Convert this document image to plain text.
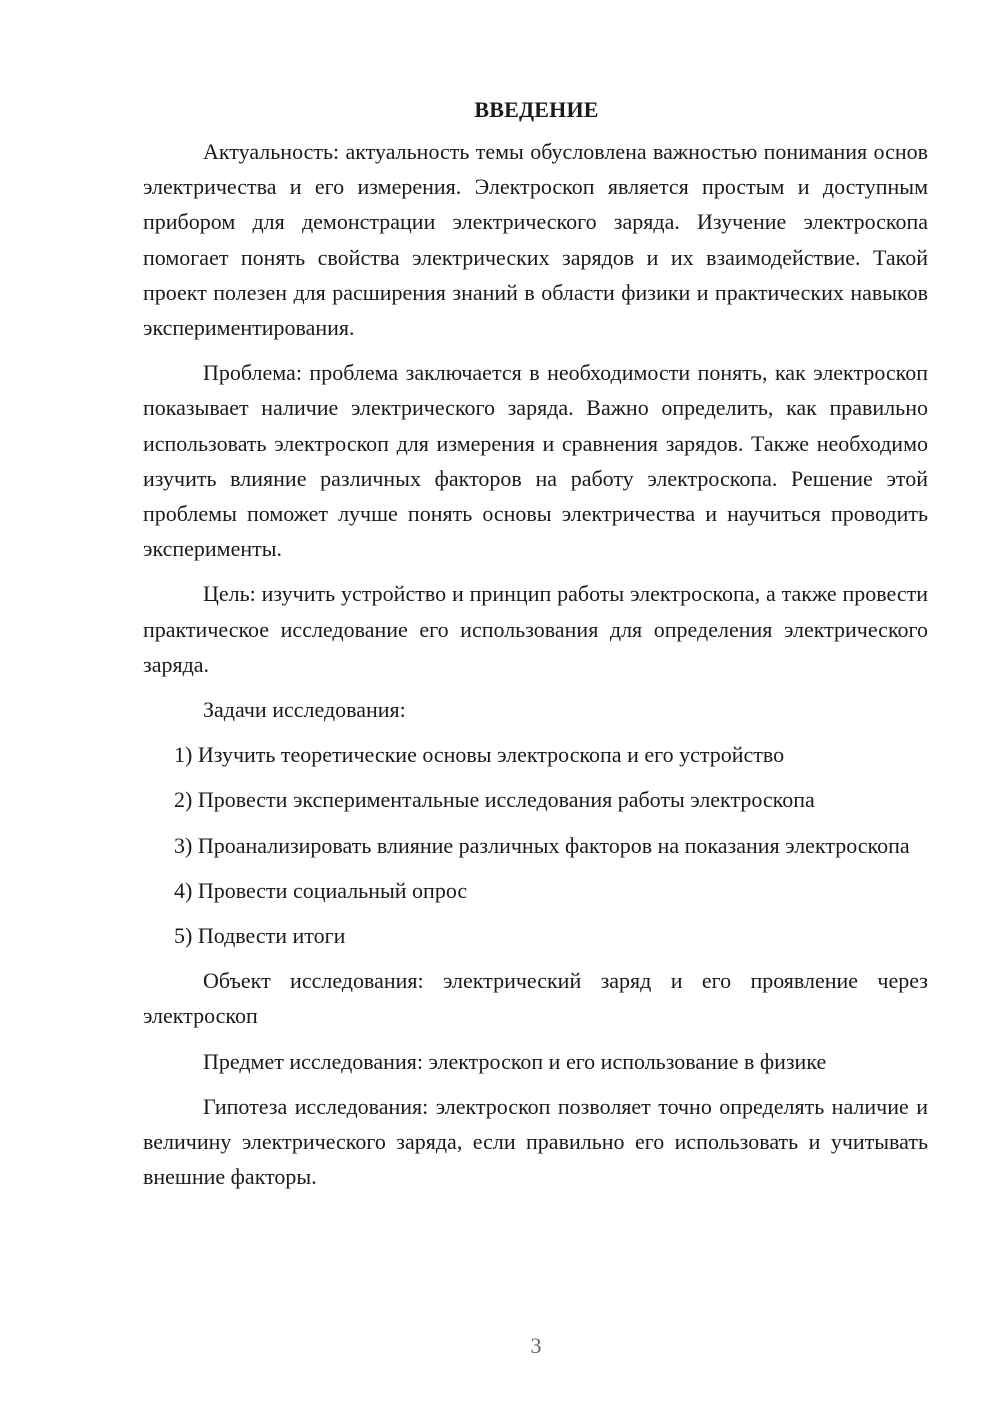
ВВЕДЕНИЕ

Актуальность: актуальность темы обусловлена важностью понимания основ электричества и его измерения. Электроскоп является простым и доступным прибором для демонстрации электрического заряда. Изучение электроскопа помогает понять свойства электрических зарядов и их взаимодействие. Такой проект полезен для расширения знаний в области физики и практических навыков экспериментирования.

Проблема: проблема заключается в необходимости понять, как электроскоп показывает наличие электрического заряда. Важно определить, как правильно использовать электроскоп для измерения и сравнения зарядов. Также необходимо изучить влияние различных факторов на работу электроскопа. Решение этой проблемы поможет лучше понять основы электричества и научиться проводить эксперименты.

Цель: изучить устройство и принцип работы электроскопа, а также провести практическое исследование его использования для определения электрического заряда.

Задачи исследования:

1) Изучить теоретические основы электроскопа и его устройство

2) Провести экспериментальные исследования работы электроскопа

3) Проанализировать влияние различных факторов на показания электроскопа

4) Провести социальный опрос

5) Подвести итоги

Объект исследования: электрический заряд и его проявление через электроскоп

Предмет исследования: электроскоп и его использование в физике

Гипотеза исследования: электроскоп позволяет точно определять наличие и величину электрического заряда, если правильно его использовать и учитывать внешние факторы.

3
